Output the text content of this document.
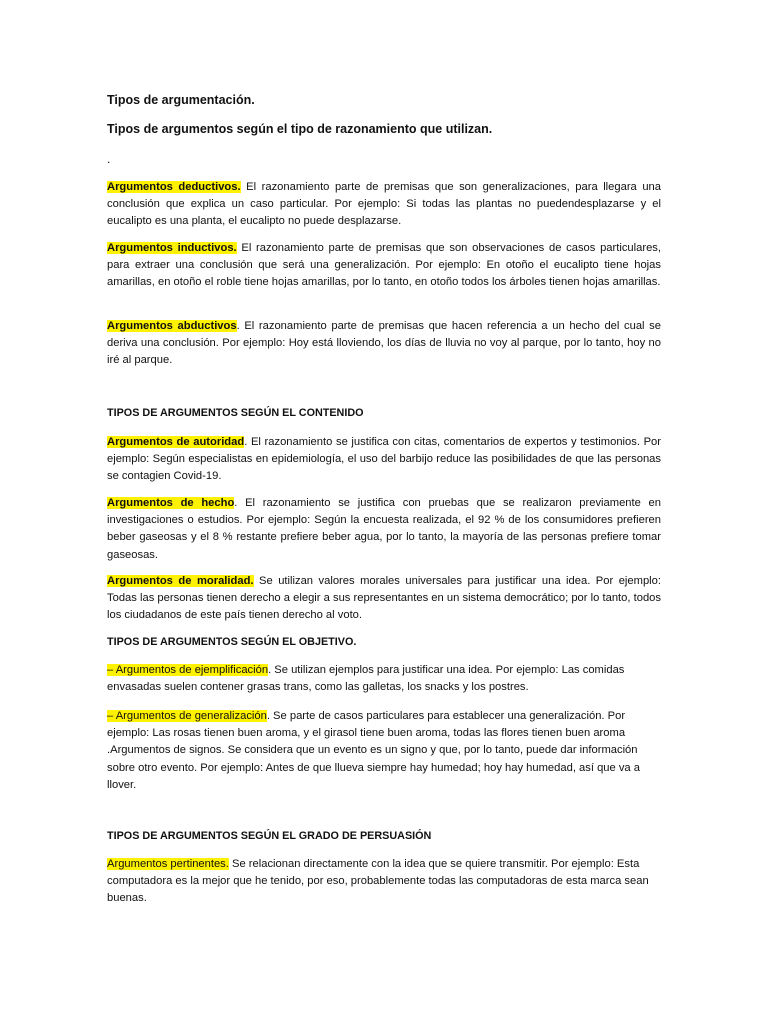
Tipos de argumentación.

Tipos de argumentos según el tipo de razonamiento que utilizan.

.

Argumentos deductivos. El razonamiento parte de premisas que son generalizaciones, para llegara una conclusión que explica un caso particular. Por ejemplo: Si todas las plantas no puedendesplazarse y el eucalipto es una planta, el eucalipto no puede desplazarse.

Argumentos inductivos. El razonamiento parte de premisas que son observaciones de casos particulares, para extraer una conclusión que será una generalización. Por ejemplo: En otoño el eucalipto tiene hojas amarillas, en otoño el roble tiene hojas amarillas, por lo tanto, en otoño todos los árboles tienen hojas amarillas.

Argumentos abductivos. El razonamiento parte de premisas que hacen referencia a un hecho del cual se deriva una conclusión. Por ejemplo: Hoy está lloviendo, los días de lluvia no voy al parque, por lo tanto, hoy no iré al parque.

TIPOS DE ARGUMENTOS SEGÚN EL CONTENIDO

Argumentos de autoridad. El razonamiento se justifica con citas, comentarios de expertos y testimonios. Por ejemplo: Según especialistas en epidemiología, el uso del barbijo reduce las posibilidades de que las personas se contagien Covid-19.

Argumentos de hecho. El razonamiento se justifica con pruebas que se realizaron previamente en investigaciones o estudios. Por ejemplo: Según la encuesta realizada, el 92 % de los consumidores prefieren beber gaseosas y el 8 % restante prefiere beber agua, por lo tanto, la mayoría de las personas prefiere tomar gaseosas.

Argumentos de moralidad. Se utilizan valores morales universales para justificar una idea. Por ejemplo: Todas las personas tienen derecho a elegir a sus representantes en un sistema democrático; por lo tanto, todos los ciudadanos de este país tienen derecho al voto.

TIPOS DE ARGUMENTOS SEGÚN EL OBJETIVO.

– Argumentos de ejemplificación. Se utilizan ejemplos para justificar una idea. Por ejemplo: Las comidas envasadas suelen contener grasas trans, como las galletas, los snacks y los postres.

– Argumentos de generalización. Se parte de casos particulares para establecer una generalización. Por ejemplo: Las rosas tienen buen aroma, y el girasol tiene buen aroma, todas las flores tienen buen aroma .Argumentos de signos. Se considera que un evento es un signo y que, por lo tanto, puede dar información sobre otro evento. Por ejemplo: Antes de que llueva siempre hay humedad; hoy hay humedad, así que va a llover.

TIPOS DE ARGUMENTOS SEGÚN EL GRADO DE PERSUASIÓN

Argumentos pertinentes. Se relacionan directamente con la idea que se quiere transmitir. Por ejemplo: Esta computadora es la mejor que he tenido, por eso, probablemente todas las computadoras de esta marca sean buenas.
